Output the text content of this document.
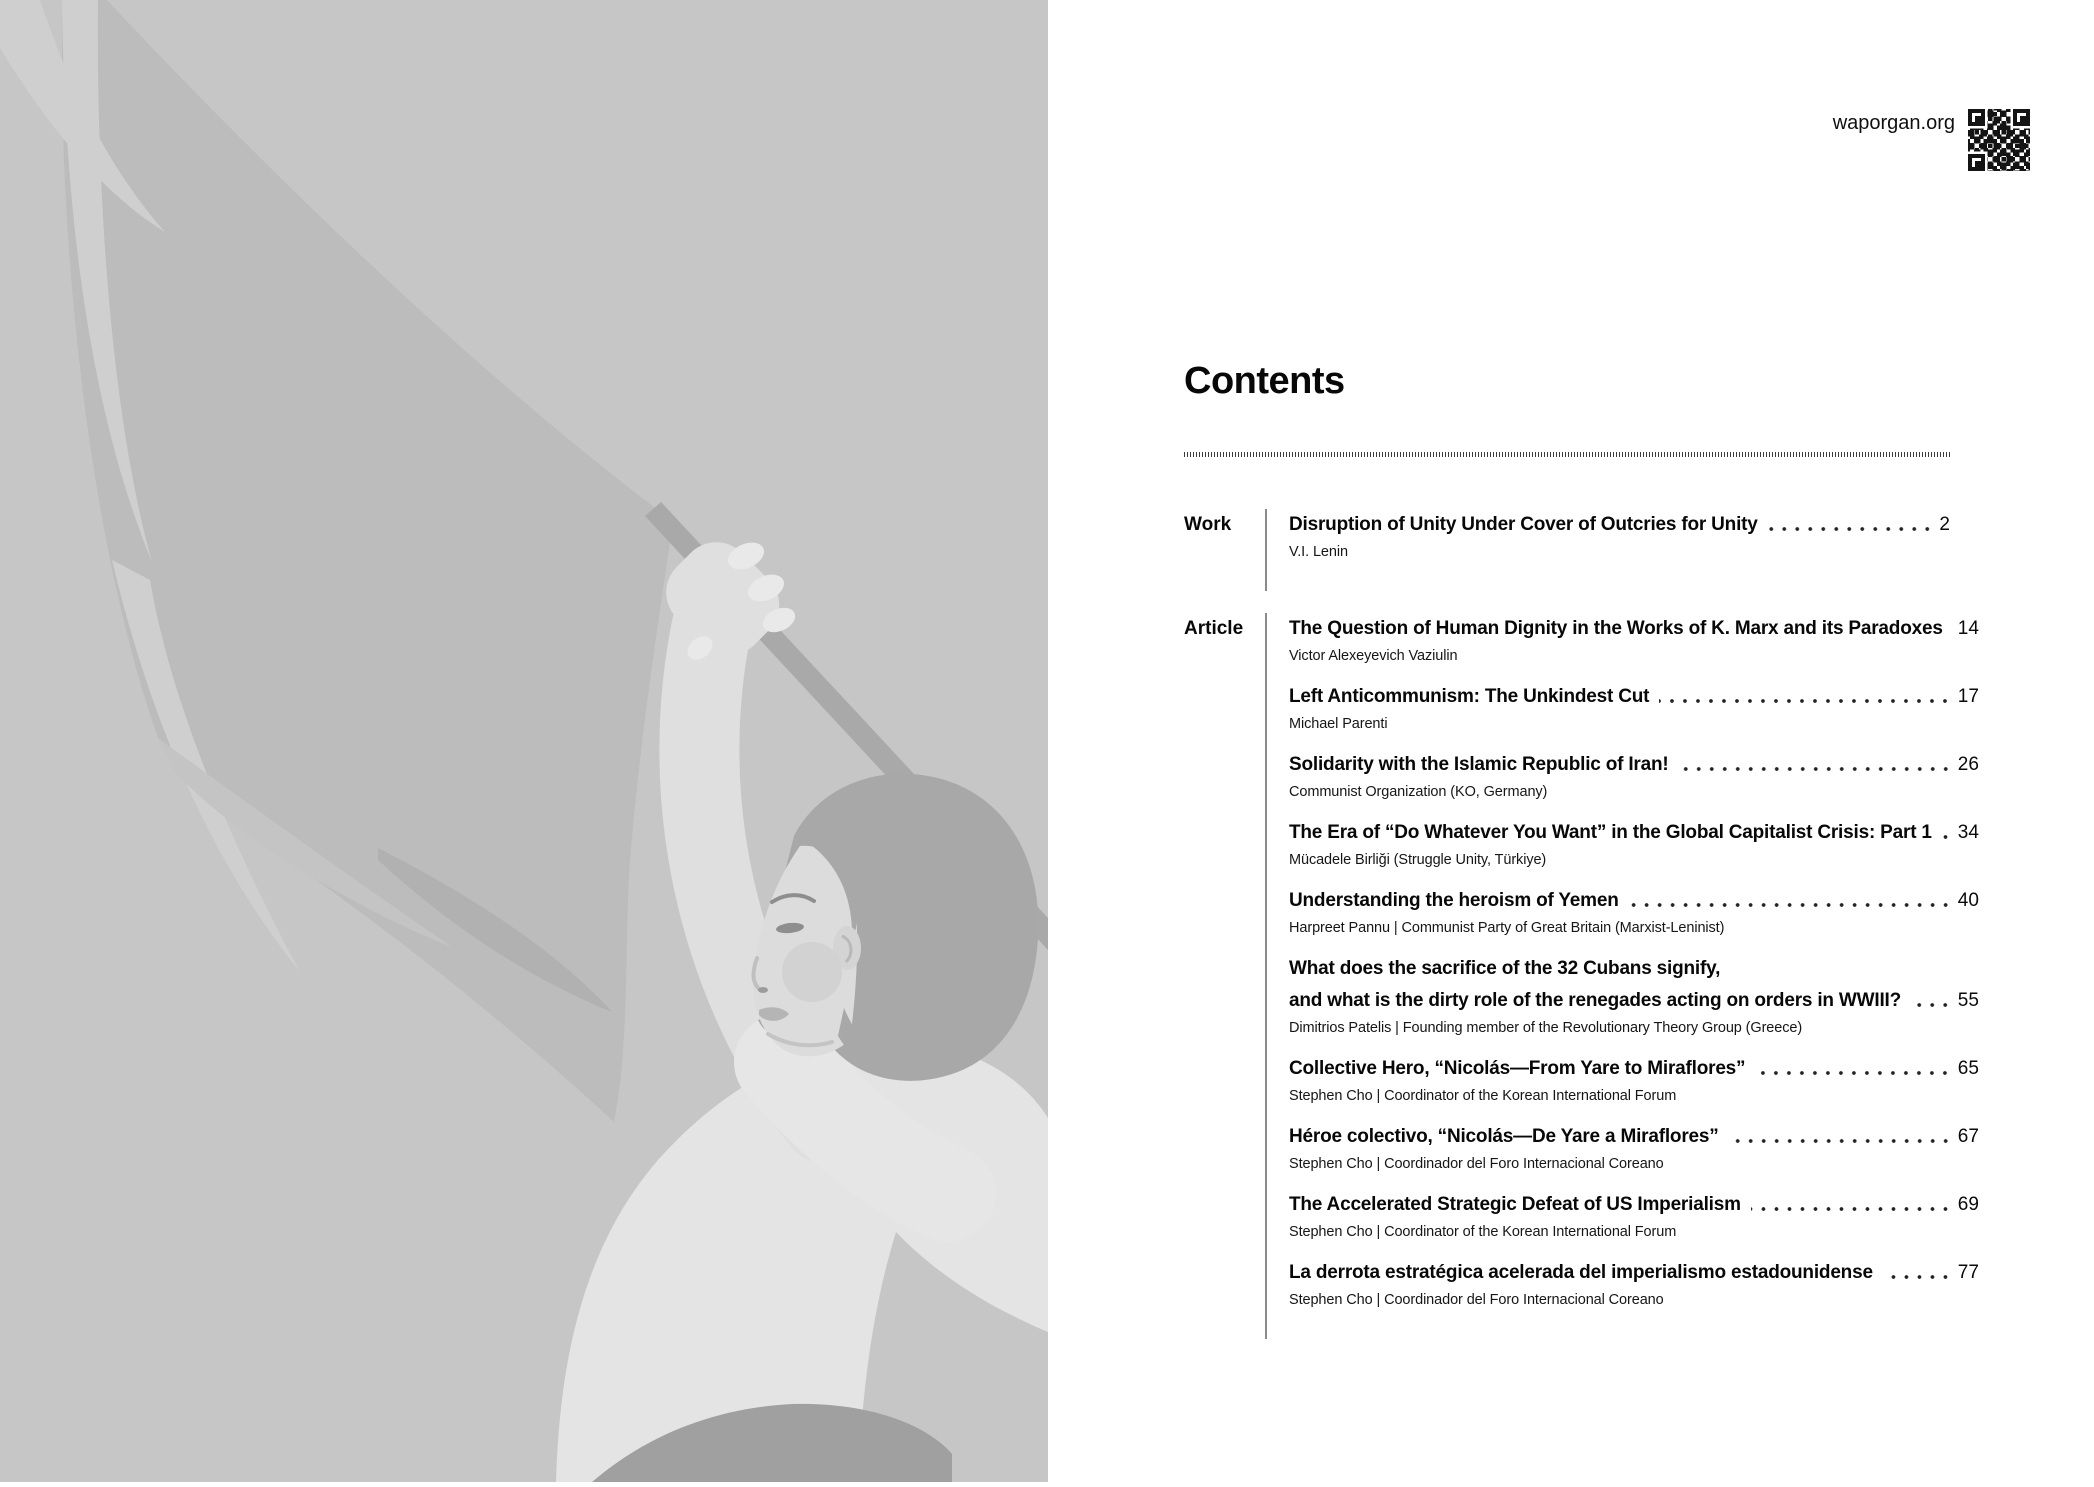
waporgan.org
Contents
Work	Disruption of Unity Under Cover of Outcries for Unity	2
V.I. Lenin
Article	The Question of Human Dignity in the Works of K. Marx and its Paradoxes 14
Victor Alexeyevich Vaziulin
Left Anticommunism: The Unkindest Cut	17
Michael Parenti
Solidarity with the Islamic Republic of Iran!	26
Communist Organization (KO, Germany)
The Era of “Do Whatever You Want” in the Global Capitalist Crisis: Part 1 34
Mücadele Birliği (Struggle Unity, Türkiye)
Understanding the heroism of Yemen	40
Harpreet Pannu | Communist Party of Great Britain (Marxist-Leninist)
What does the sacrifice of the 32 Cubans signify,
and what is the dirty role of the renegades acting on orders in WWIII?	55
Dimitrios Patelis | Founding member of the Revolutionary Theory Group (Greece)
Collective Hero, “Nicolás—From Yare to Miraflores”	65
Stephen Cho | Coordinator of the Korean International Forum
Héroe colectivo, “Nicolás—De Yare a Miraflores”	67
Stephen Cho | Coordinador del Foro Internacional Coreano
The Accelerated Strategic Defeat of US Imperialism	69
Stephen Cho | Coordinator of the Korean International Forum
La derrota estratégica acelerada del imperialismo estadounidense	77
Stephen Cho | Coordinador del Foro Internacional Coreano
